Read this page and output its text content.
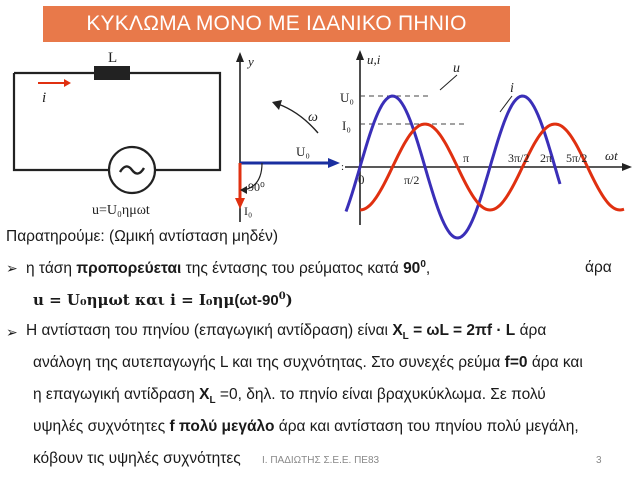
ΚΥΚΛΩΜΑ ΜΟΝΟ ΜΕ ΙΔΑΝΙΚΟ ΠΗΝΙΟ
L
i
u=U₀ημωt
y
U₀
I₀
ω
90⁰
:
u,i
U₀
I₀
0
u
i
π/2
π	3π/2 2π 5π/2 ωt
Παρατηρούμε: (Ωμική αντίσταση μηδέν)
➢ η τάση προπορεύεται της έντασης του ρεύματος κατά $90^0$,	άρα
u = U₀ημωt και $i = I_0\eta\mu(\omega t-90^0)$
➢ Η αντίσταση του πηνίου (επαγωγική αντίδραση) είναι $X_L = \omega L = 2\pi f \cdot L$ άρα
ανάλογη της αυτεπαγωγής L και της συχνότητας. Στο συνεχές ρεύμα f=0 άρα και
η επαγωγική αντίδραση $X_L =0$, δηλ. το πηνίο είναι βραχυκύκλωμα. Σε πολύ
υψηλές συχνότητες f πολύ μεγάλο άρα και αντίσταση του πηνίου πολύ μεγάλη,
κόβουν τις υψηλές συχνότητες Ι. ΠΑΔΙΩΤΗΣ Σ.Ε.Ε. ΠΕ83	3
